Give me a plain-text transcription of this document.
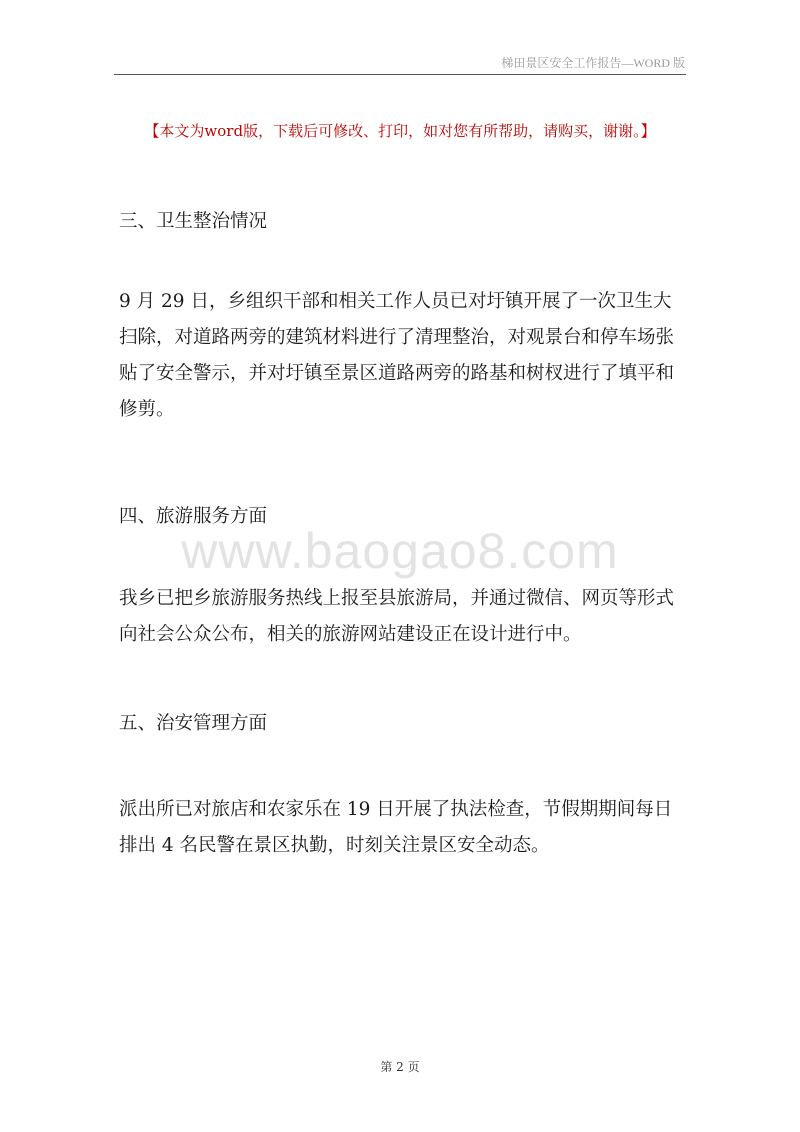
梯田景区安全工作报告—WORD 版
【本文为word版，下载后可修改、打印，如对您有所帮助，请购买，谢谢。】
三、卫生整治情况
9 月 29 日，乡组织干部和相关工作人员已对圩镇开展了一次卫生大
扫除，对道路两旁的建筑材料进行了清理整治，对观景台和停车场张
贴了安全警示，并对圩镇至景区道路两旁的路基和树杈进行了填平和
修剪。
四、旅游服务方面
我乡已把乡旅游服务热线上报至县旅游局，并通过微信、网页等形式
向社会公众公布，相关的旅游网站建设正在设计进行中。
五、治安管理方面
派出所已对旅店和农家乐在 19 日开展了执法检查，节假期期间每日
排出 4 名民警在景区执勤，时刻关注景区安全动态。
www.baogao8.com
第 2 页
